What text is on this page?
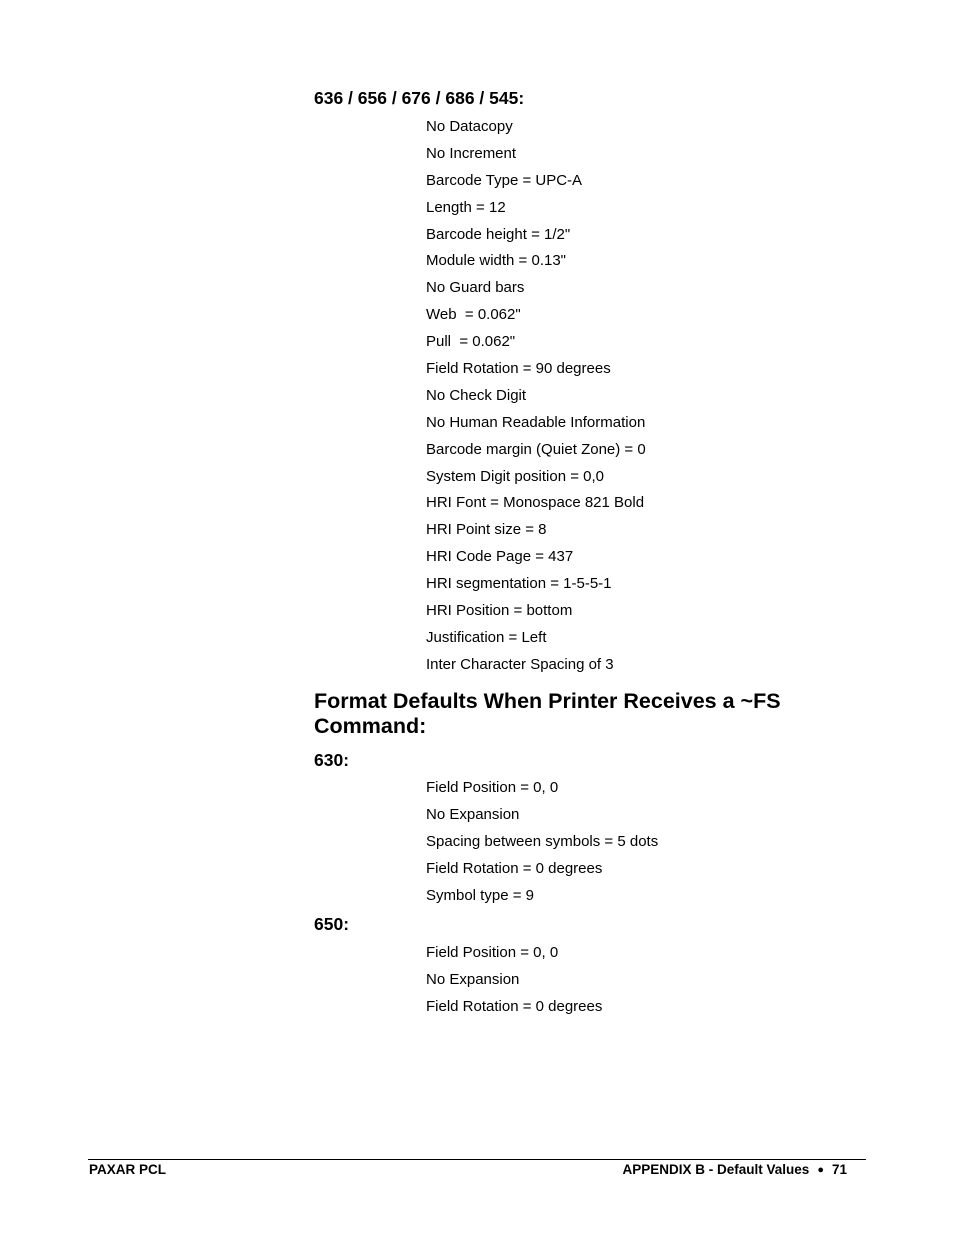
636 / 656 / 676 / 686 / 545:
No Datacopy
No Increment
Barcode Type = UPC-A
Length = 12
Barcode height = 1/2"
Module width = 0.13"
No Guard bars
Web  = 0.062"
Pull  = 0.062"
Field Rotation = 90 degrees
No Check Digit
No Human Readable Information
Barcode margin (Quiet Zone) = 0
System Digit position = 0,0
HRI Font = Monospace 821 Bold
HRI Point size = 8
HRI Code Page = 437
HRI segmentation = 1-5-5-1
HRI Position = bottom
Justification = Left
Inter Character Spacing of 3
Format Defaults When Printer Receives a ~FS Command:
630:
Field Position = 0, 0
No Expansion
Spacing between symbols = 5 dots
Field Rotation = 0 degrees
Symbol type = 9
650:
Field Position = 0, 0
No Expansion
Field Rotation = 0 degrees
PAXAR PCL	APPENDIX B - Default Values ● 71
